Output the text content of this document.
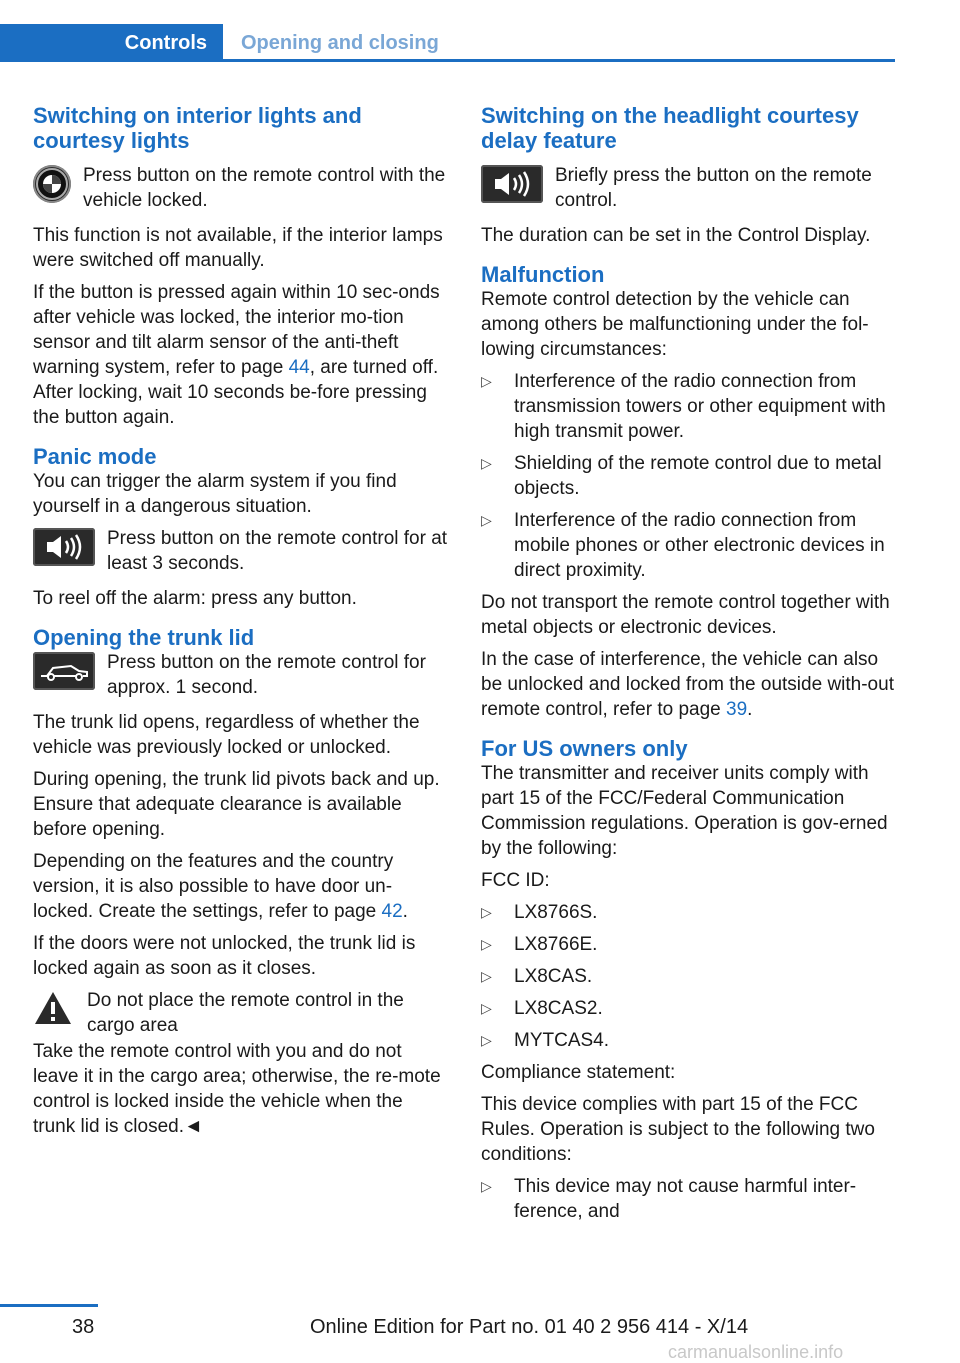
Controls	Opening and closing
Switching on interior lights and courtesy lights
Press button on the remote control with the vehicle locked.

This function is not available, if the interior lamps were switched off manually.

If the button is pressed again within 10 sec-onds after vehicle was locked, the interior mo-tion sensor and tilt alarm sensor of the anti-theft warning system, refer to page 44, are turned off. After locking, wait 10 seconds be-fore pressing the button again.

Panic mode

You can trigger the alarm system if you find yourself in a dangerous situation.

Press button on the remote control for at least 3 seconds.

To reel off the alarm: press any button.

Opening the trunk lid
Press button on the remote control for approx. 1 second.

The trunk lid opens, regardless of whether the vehicle was previously locked or unlocked.

During opening, the trunk lid pivots back and up. Ensure that adequate clearance is available before opening.

Depending on the features and the country version, it is also possible to have door un-locked. Create the settings, refer to page 42.

If the doors were not unlocked, the trunk lid is locked again as soon as it closes.

Do not place the remote control in the cargo area

Take the remote control with you and do not leave it in the cargo area; otherwise, the re-mote control is locked inside the vehicle when the trunk lid is closed.◄

Switching on the headlight courtesy delay feature
Briefly press the button on the remote control.

The duration can be set in the Control Display.

Malfunction

Remote control detection by the vehicle can among others be malfunctioning under the fol-lowing circumstances:

▷ Interference of the radio connection from transmission towers or other equipment with high transmit power.
▷ Shielding of the remote control due to metal objects.
▷ Interference of the radio connection from mobile phones or other electronic devices in direct proximity.

Do not transport the remote control together with metal objects or electronic devices.

In the case of interference, the vehicle can also be unlocked and locked from the outside with-out remote control, refer to page 39.

For US owners only

The transmitter and receiver units comply with part 15 of the FCC/Federal Communication Commission regulations. Operation is gov-erned by the following:

FCC ID:

▷ LX8766S.
▷ LX8766E.
▷ LX8CAS.
▷ LX8CAS2.
▷ MYTCAS4.

Compliance statement:

This device complies with part 15 of the FCC Rules. Operation is subject to the following two conditions:

▷ This device may not cause harmful inter-ference, and
38	Online Edition for Part no. 01 40 2 956 414 - X/14
carmanualsonline.info
